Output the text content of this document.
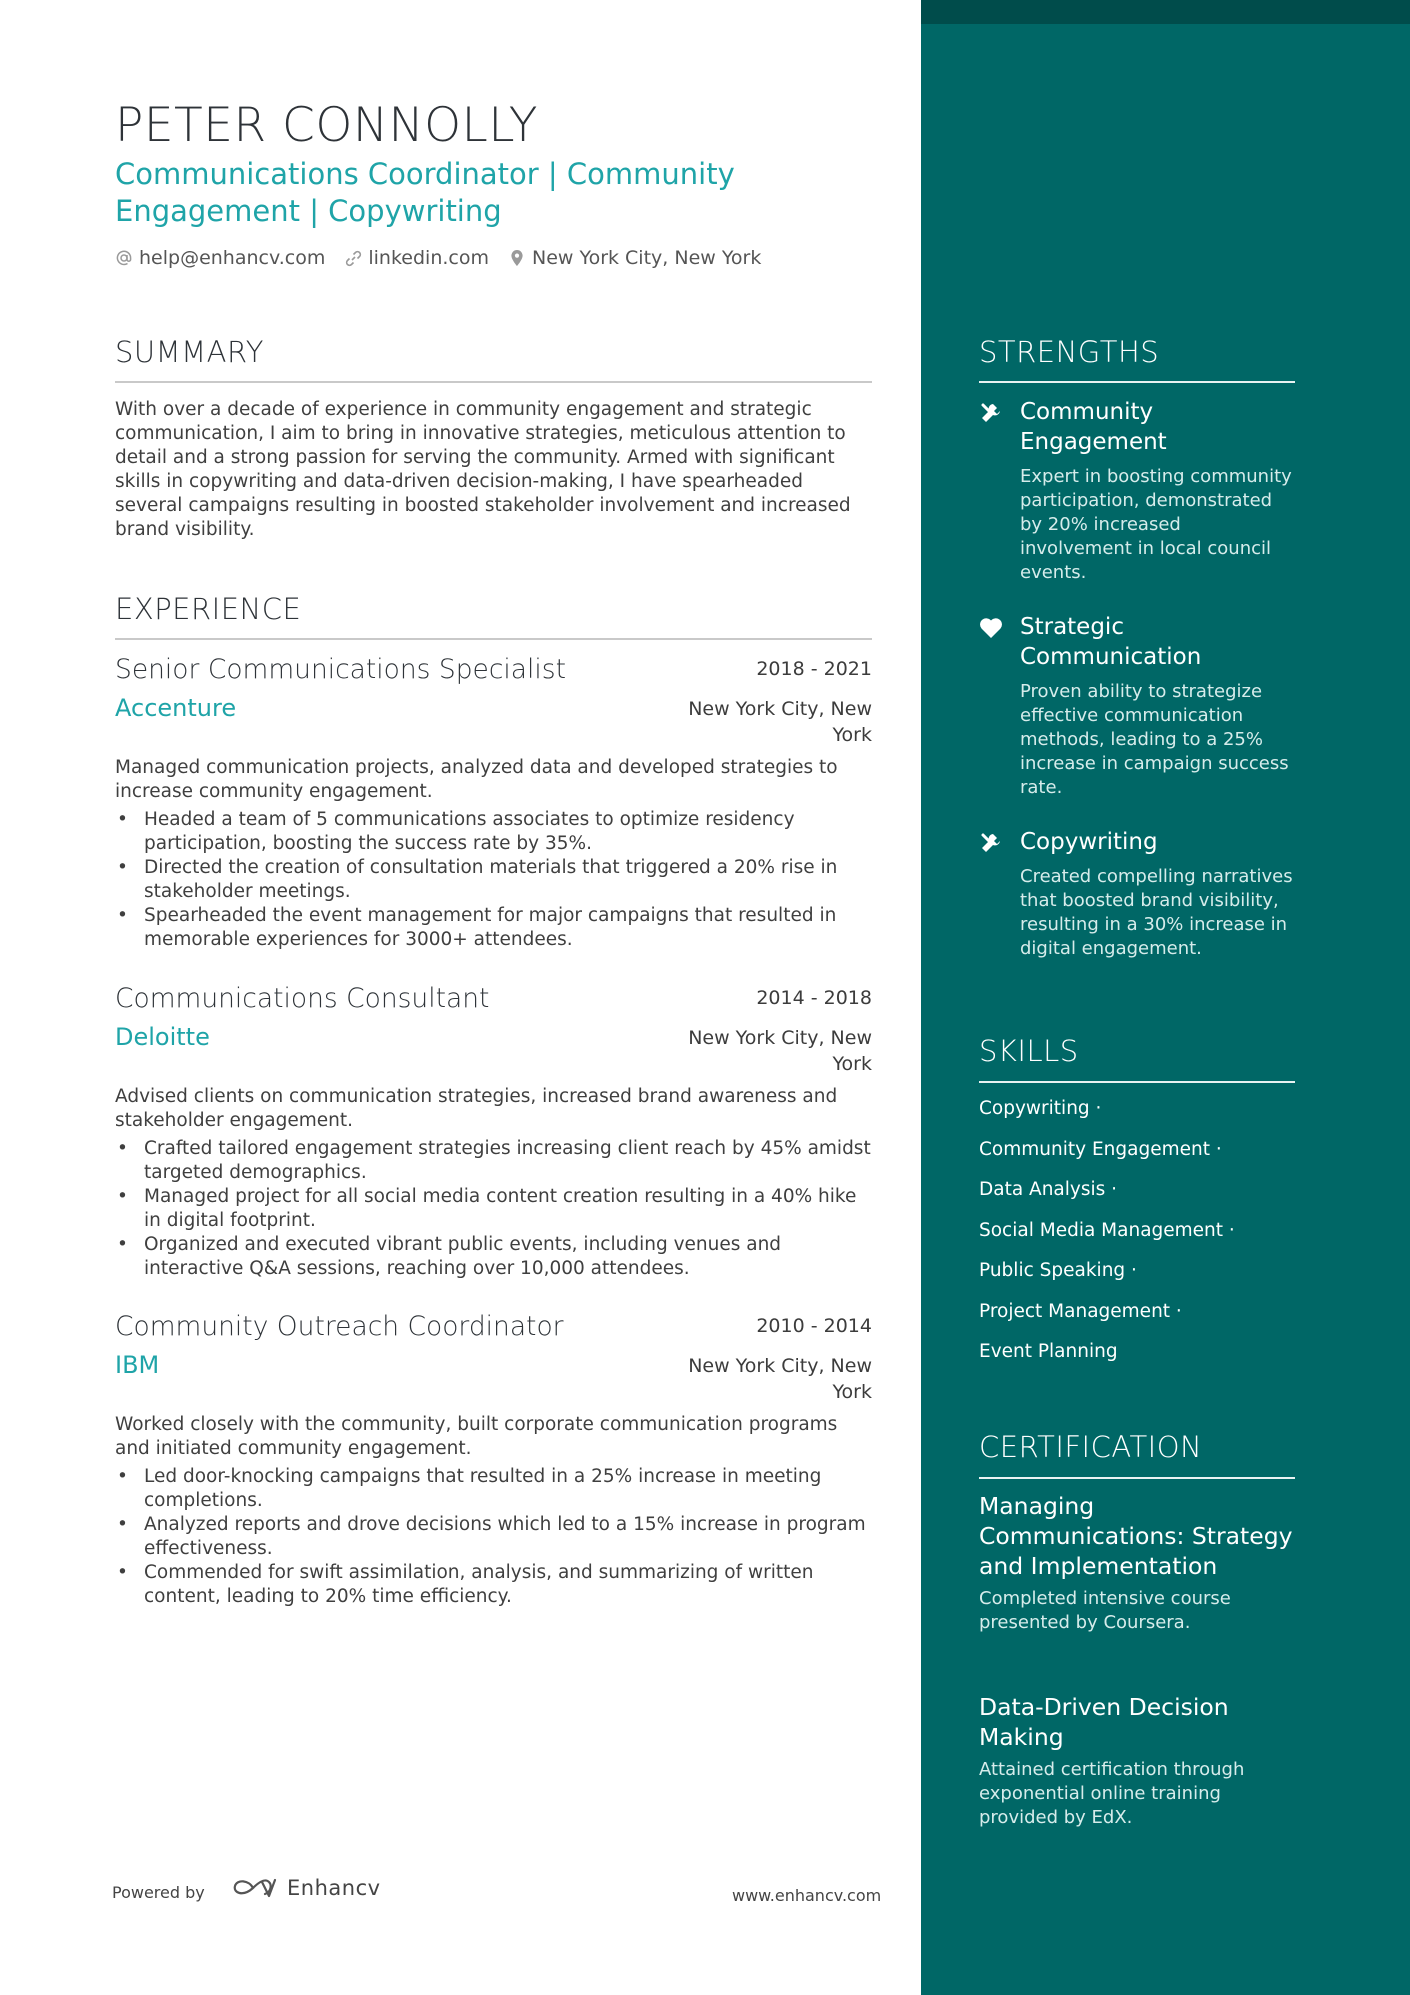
PETER CONNOLLY
Communications Coordinator | Community Engagement | Copywriting
help@enhancv.com linkedin.com New York City, New York
SUMMARY
With over a decade of experience in community engagement and strategic communication, I aim to bring in innovative strategies, meticulous attention to detail and a strong passion for serving the community. Armed with significant skills in copywriting and data-driven decision-making, I have spearheaded several campaigns resulting in boosted stakeholder involvement and increased brand visibility.
EXPERIENCE
Senior Communications Specialist	2018 - 2021
Accenture	New York City, New York
Managed communication projects, analyzed data and developed strategies to increase community engagement.
• Headed a team of 5 communications associates to optimize residency participation, boosting the success rate by 35%.
• Directed the creation of consultation materials that triggered a 20% rise in stakeholder meetings.
• Spearheaded the event management for major campaigns that resulted in memorable experiences for 3000+ attendees.
Communications Consultant	2014 - 2018
Deloitte	New York City, New York
Advised clients on communication strategies, increased brand awareness and stakeholder engagement.
• Crafted tailored engagement strategies increasing client reach by 45% amidst targeted demographics.
• Managed project for all social media content creation resulting in a 40% hike in digital footprint.
• Organized and executed vibrant public events, including venues and interactive Q&A sessions, reaching over 10,000 attendees.
Community Outreach Coordinator	2010 - 2014
IBM	New York City, New York
Worked closely with the community, built corporate communication programs and initiated community engagement.
• Led door-knocking campaigns that resulted in a 25% increase in meeting completions.
• Analyzed reports and drove decisions which led to a 15% increase in program effectiveness.
• Commended for swift assimilation, analysis, and summarizing of written content, leading to 20% time efficiency.
Powered by	Enhancv	www.enhancv.com
STRENGTHS
Community Engagement
Expert in boosting community participation, demonstrated by 20% increased involvement in local council events.
Strategic Communication
Proven ability to strategize effective communication methods, leading to a 25% increase in campaign success rate.
Copywriting
Created compelling narratives that boosted brand visibility, resulting in a 30% increase in digital engagement.
SKILLS
Copywriting ·
Community Engagement ·
Data Analysis ·
Social Media Management ·
Public Speaking ·
Project Management ·
Event Planning
CERTIFICATION
Managing Communications: Strategy and Implementation
Completed intensive course presented by Coursera.
Data-Driven Decision Making
Attained certification through exponential online training provided by EdX.
